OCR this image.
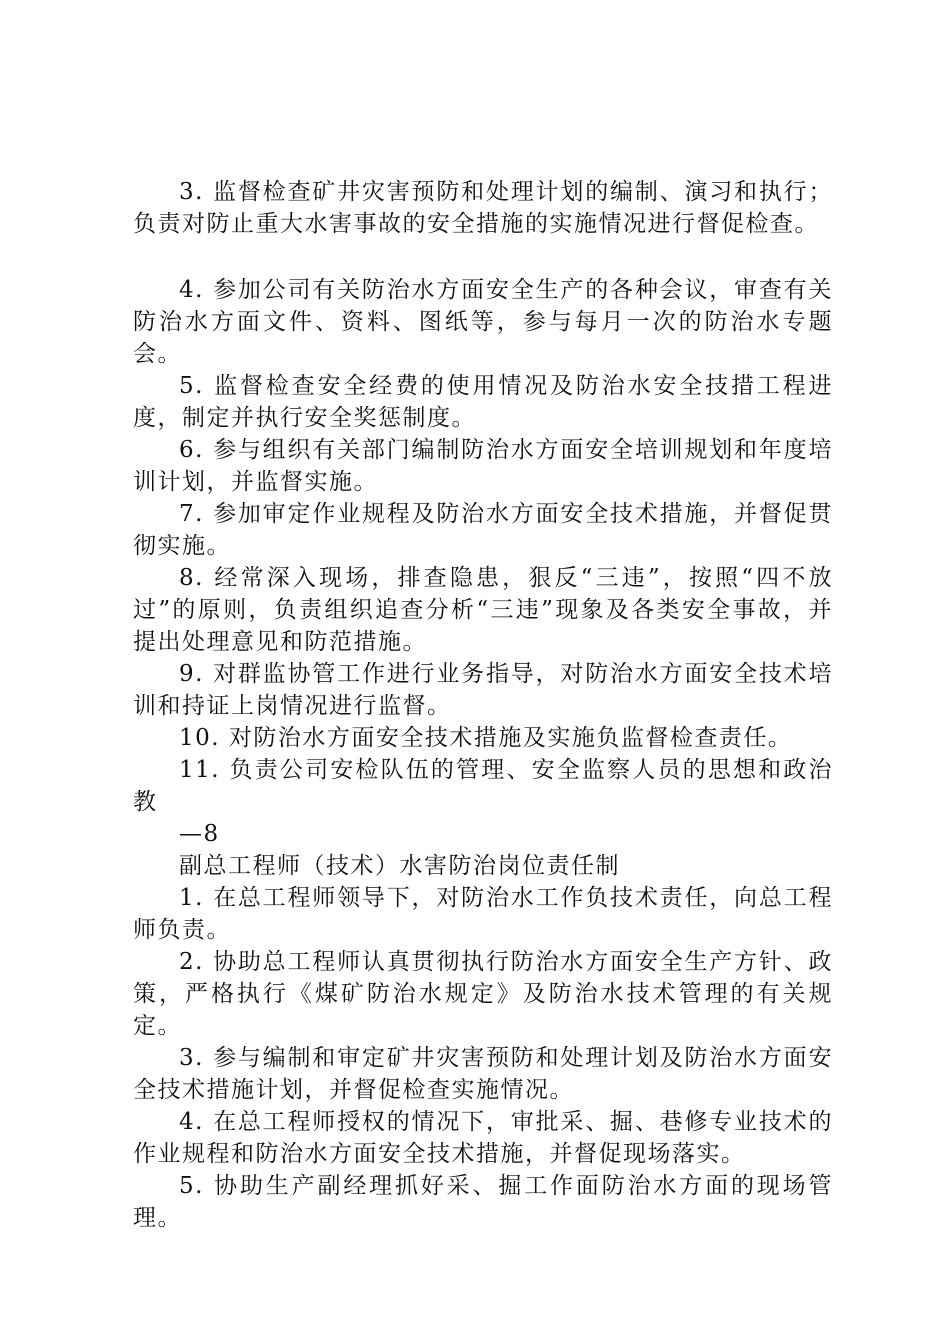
3. 监督检查矿井灾害预防和处理计划的编制、演习和执行；负责对防止重大水害事故的安全措施的实施情况进行督促检查。

4. 参加公司有关防治水方面安全生产的各种会议，审查有关防治水方面文件、资料、图纸等，参与每月一次的防治水专题会。

5. 监督检查安全经费的使用情况及防治水安全技措工程进度，制定并执行安全奖惩制度。

6. 参与组织有关部门编制防治水方面安全培训规划和年度培训计划，并监督实施。

7. 参加审定作业规程及防治水方面安全技术措施，并督促贯彻实施。

8. 经常深入现场，排查隐患，狠反“三违”，按照“四不放过”的原则，负责组织追查分析“三违”现象及各类安全事故，并提出处理意见和防范措施。

9. 对群监协管工作进行业务指导，对防治水方面安全技术培训和持证上岗情况进行监督。

10. 对防治水方面安全技术措施及实施负监督检查责任。

11. 负责公司安检队伍的管理、安全监察人员的思想和政治教

—8

副总工程师（技术）水害防治岗位责任制

1. 在总工程师领导下，对防治水工作负技术责任，向总工程师负责。

2. 协助总工程师认真贯彻执行防治水方面安全生产方针、政策，严格执行《煤矿防治水规定》及防治水技术管理的有关规定。

3. 参与编制和审定矿井灾害预防和处理计划及防治水方面安全技术措施计划，并督促检查实施情况。

4. 在总工程师授权的情况下，审批采、掘、巷修专业技术的作业规程和防治水方面安全技术措施，并督促现场落实。

5. 协助生产副经理抓好采、掘工作面防治水方面的现场管理。
